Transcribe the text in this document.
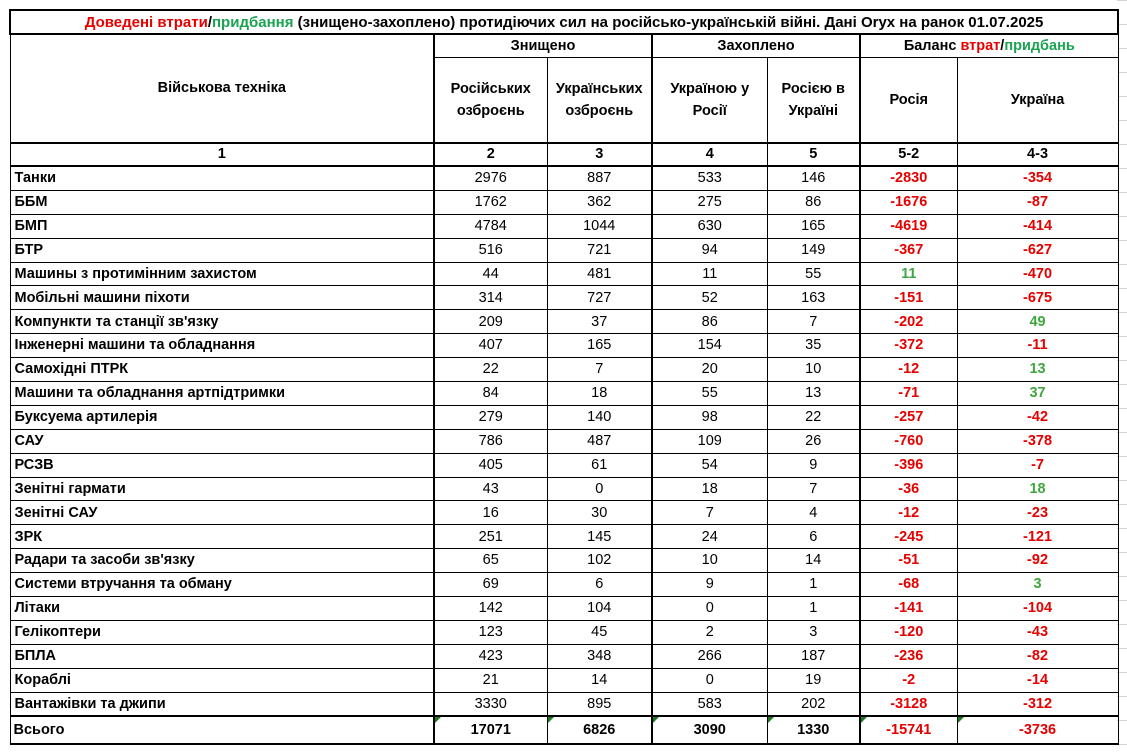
Доведені втрати/придбання (знищено-захоплено) протидіючих сил на російсько-українській війні. Дані Oryx на ранок 01.07.2025						
Військова техніка	Знищено		Захоплено		Баланс втрат/придбань	
	Російських озброєнь	Українських озброєнь	Україною у Росії	Росією в Україні	Росія	Україна
1	2	3	4	5	5-2	4-3
Танки	2976	887	533	146	-2830	-354
ББМ	1762	362	275	86	-1676	-87
БМП	4784	1044	630	165	-4619	-414
БТР	516	721	94	149	-367	-627
Машины з протимінним захистом	44	481	11	55	11	-470
Мобільні машини піхоти	314	727	52	163	-151	-675
Компункти та станції зв'язку	209	37	86	7	-202	49
Інженерні машини та обладнання	407	165	154	35	-372	-11
Самохідні ПТРК	22	7	20	10	-12	13
Машини та обладнання артпідтримки	84	18	55	13	-71	37
Буксуема артилерія	279	140	98	22	-257	-42
САУ	786	487	109	26	-760	-378
РСЗВ	405	61	54	9	-396	-7
Зенітні гармати	43	0	18	7	-36	18
Зенітні САУ	16	30	7	4	-12	-23
ЗРК	251	145	24	6	-245	-121
Радари та засоби зв'язку	65	102	10	14	-51	-92
Системи втручання та обману	69	6	9	1	-68	3
Літаки	142	104	0	1	-141	-104
Гелікоптери	123	45	2	3	-120	-43
БПЛА	423	348	266	187	-236	-82
Кораблі	21	14	0	19	-2	-14
Вантажівки та джипи	3330	895	583	202	-3128	-312
Всього	17071	6826	3090	1330	-15741	-3736
